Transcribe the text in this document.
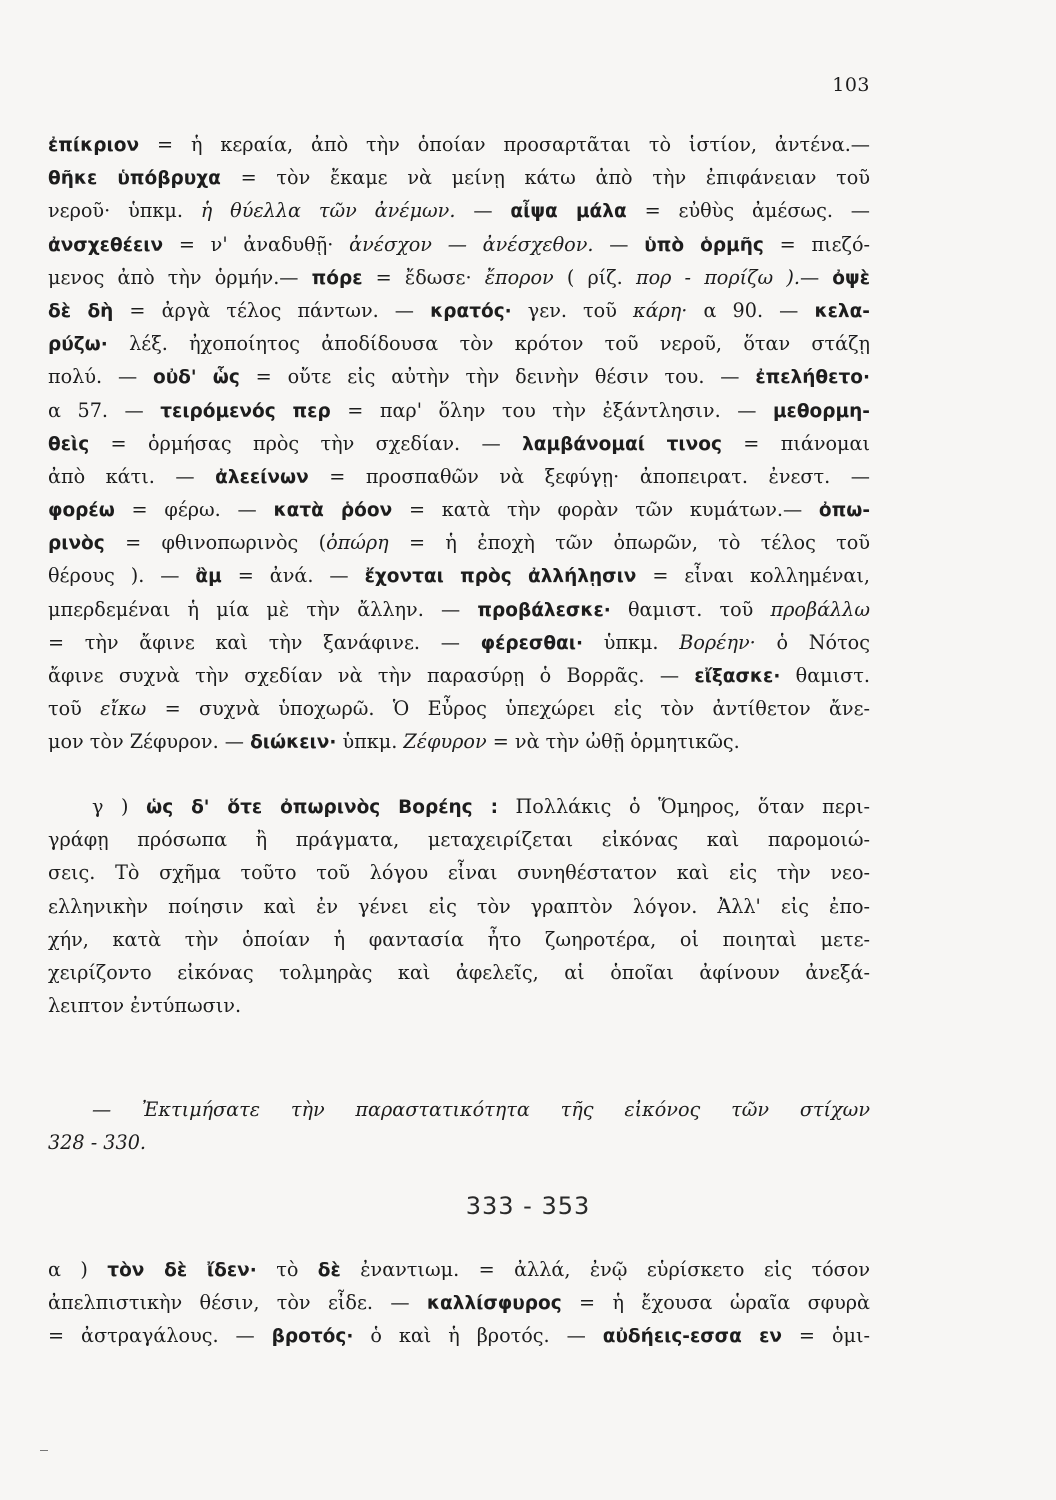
103
ἐπίκριον = ἡ κεραία, ἀπὸ τὴν ὁποίαν προσαρτᾶται τὸ ἱστίον, ἀντένα.—
θῆκε ὑπόβρυχα = τὸν ἔκαμε νὰ μείνῃ κάτω ἀπὸ τὴν ἐπιφάνειαν τοῦ
νεροῦ· ὑπκμ. ἡ θύελλα τῶν ἀνέμων. — αἶψα μάλα = εὐθὺς ἀμέσως. —
ἀνσχεθέειν = ν' ἀναδυθῇ· ἀνέσχον — ἀνέσχεθον. — ὑπὸ ὁρμῆς = πιεζό-
μενος ἀπὸ τὴν ὁρμήν.— πόρε = ἔδωσε· ἔπορον ( ρίζ. πορ - πορίζω ).— ὀψὲ
δὲ δὴ = ἀργὰ τέλος πάντων. — κρατός· γεν. τοῦ κάρη· α 90. — κελα-
ρύζω· λέξ. ἠχοποίητος ἀποδίδουσα τὸν κρότον τοῦ νεροῦ, ὅταν στάζῃ
πολύ. — οὐδ' ὧς = οὔτε εἰς αὐτὴν τὴν δεινὴν θέσιν του. — ἐπελήθετο·
α 57. — τειρόμενός περ = παρ' ὅλην του τὴν ἐξάντλησιν. — μεθορμη-
θεὶς = ὁρμήσας πρὸς τὴν σχεδίαν. — λαμβάνομαί τινος = πιάνομαι
ἀπὸ κάτι. — ἀλεείνων = προσπαθῶν νὰ ξεφύγῃ· ἀποπειρατ. ἐνεστ. —
φορέω = φέρω. — κατὰ ῥόον = κατὰ τὴν φορὰν τῶν κυμάτων.— ὀπω-
ρινὸς = φθινοπωρινὸς (ὀπώρη = ἡ ἐποχὴ τῶν ὀπωρῶν, τὸ τέλος τοῦ
θέρους ). — ἂμ = ἀνά. — ἔχονται πρὸς ἀλλήλῃσιν = εἶναι κολλημέναι,
μπερδεμέναι ἡ μία μὲ τὴν ἄλλην. — προβάλεσκε· θαμιστ. τοῦ προβάλλω
= τὴν ἄφινε καὶ τὴν ξανάφινε. — φέρεσθαι· ὑπκμ. Βορέην· ὁ Νότος
ἄφινε συχνὰ τὴν σχεδίαν νὰ τὴν παρασύρῃ ὁ Βορρᾶς. — εἴξασκε· θαμιστ.
τοῦ εἴκω = συχνὰ ὑποχωρῶ. Ὁ Εὖρος ὑπεχώρει εἰς τὸν ἀντίθετον ἄνε-
μον τὸν Ζέφυρον. — διώκειν· ὑπκμ. Ζέφυρον = νὰ τὴν ὠθῇ ὁρμητικῶς.
γ ) ὡς δ' ὅτε ὀπωρινὸς Βορέης : Πολλάκις ὁ Ὅμηρος, ὅταν περι-
γράφῃ πρόσωπα ἢ πράγματα, μεταχειρίζεται εἰκόνας καὶ παρομοιώ-
σεις. Τὸ σχῆμα τοῦτο τοῦ λόγου εἶναι συνηθέστατον καὶ εἰς τὴν νεο-
ελληνικὴν ποίησιν καὶ ἐν γένει εἰς τὸν γραπτὸν λόγον. Ἀλλ' εἰς ἐπο-
χήν, κατὰ τὴν ὁποίαν ἡ φαντασία ἦτο ζωηροτέρα, οἱ ποιηταὶ μετε-
χειρίζοντο εἰκόνας τολμηρὰς καὶ ἀφελεῖς, αἱ ὁποῖαι ἀφίνουν ἀνεξά-
λειπτον ἐντύπωσιν.
— Ἐκτιμήσατε τὴν παραστατικότητα τῆς εἰκόνος τῶν στίχων
328 - 330.
333 - 353
α ) τὸν δὲ ἴδεν· τὸ δὲ ἐναντιωμ. = ἀλλά, ἐνῷ εὑρίσκετο εἰς τόσον
ἀπελπιστικὴν θέσιν, τὸν εἶδε. — καλλίσφυρος = ἡ ἔχουσα ὡραῖα σφυρὰ
= ἀστραγάλους. — βροτός· ὁ καὶ ἡ βροτός. — αὐδήεις-εσσα εν = ὁμι-
